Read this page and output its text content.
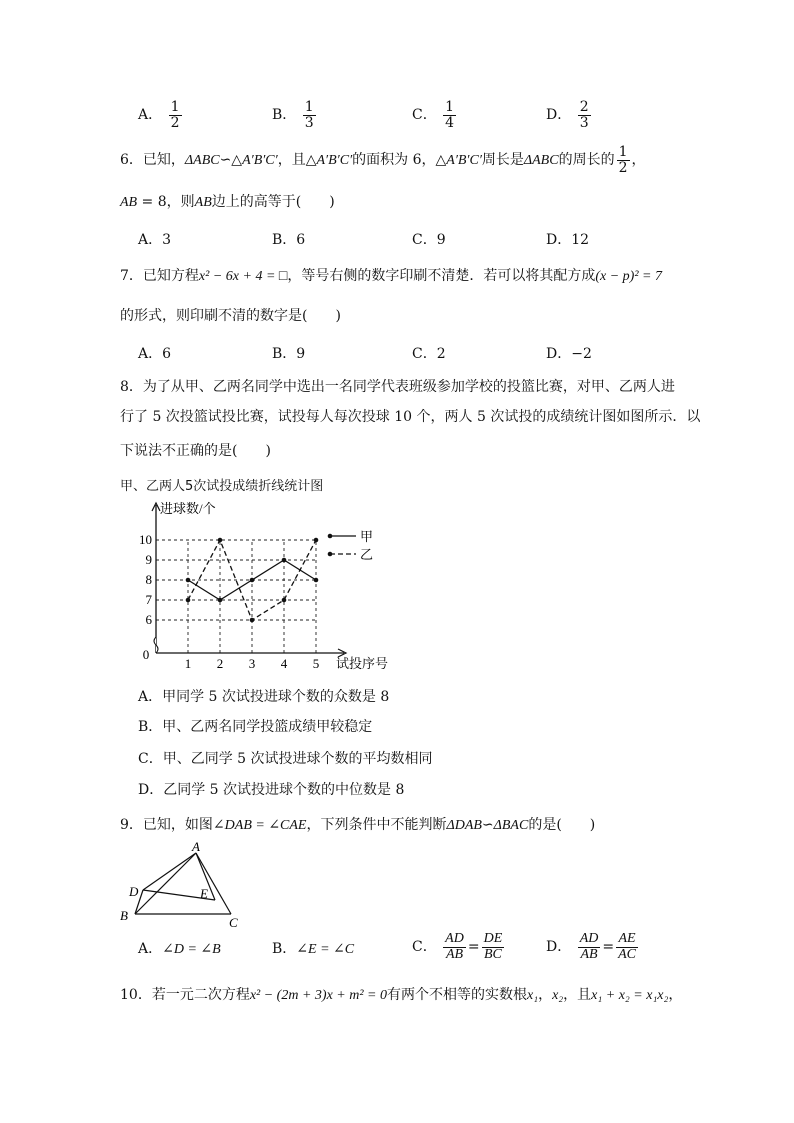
A． $\frac{1}{2}$	B． $\frac{1}{3}$	C． $\frac{1}{4}$	D． $\frac{2}{3}$
6．已知，ΔABC∽△A′B′C′，且△A′B′C′的面积为 6，△A′B′C′周长是ΔABC的周长的 $\frac{1}{2}$ ，
AB = 8，则AB边上的高等于(　　)
A．3	B．6	C．9	D．12
7．已知方程x² − 6x + 4 = □，等号右侧的数字印刷不清楚．若可以将其配方成(x − p)² = 7
的形式，则印刷不清的数字是(　　)
A．6	B．9	C．2	D．−2
8．为了从甲、乙两名同学中选出一名同学代表班级参加学校的投篮比赛，对甲、乙两人进
行了 5 次投篮试投比赛，试投每人每次投球 10 个，两人 5 次试投的成绩统计图如图所示．以
下说法不正确的是(　　)
甲、乙两人5次试投成绩折线统计图
6
7
8
9
10
1 2 3 4 5
0
进球数/个
试投序号
甲
乙
A．甲同学 5 次试投进球个数的众数是 8
B．甲、乙两名同学投篮成绩甲较稳定
C．甲、乙同学 5 次试投进球个数的平均数相同
D．乙同学 5 次试投进球个数的中位数是 8
9．已知，如图∠DAB = ∠CAE，下列条件中不能判断ΔDAB∽ΔBAC的是(　　)
A
B	C
D	E
A．∠D = ∠B	B．∠E = ∠C	C． $\frac{AD}{AB} = \frac{DE}{BC}$	D． $\frac{AD}{AB} = \frac{AE}{AC}$
10．若一元二次方程x² − (2m + 3)x + m² = 0有两个不相等的实数根x₁，x₂，且x₁ + x₂ = x₁x₂，
